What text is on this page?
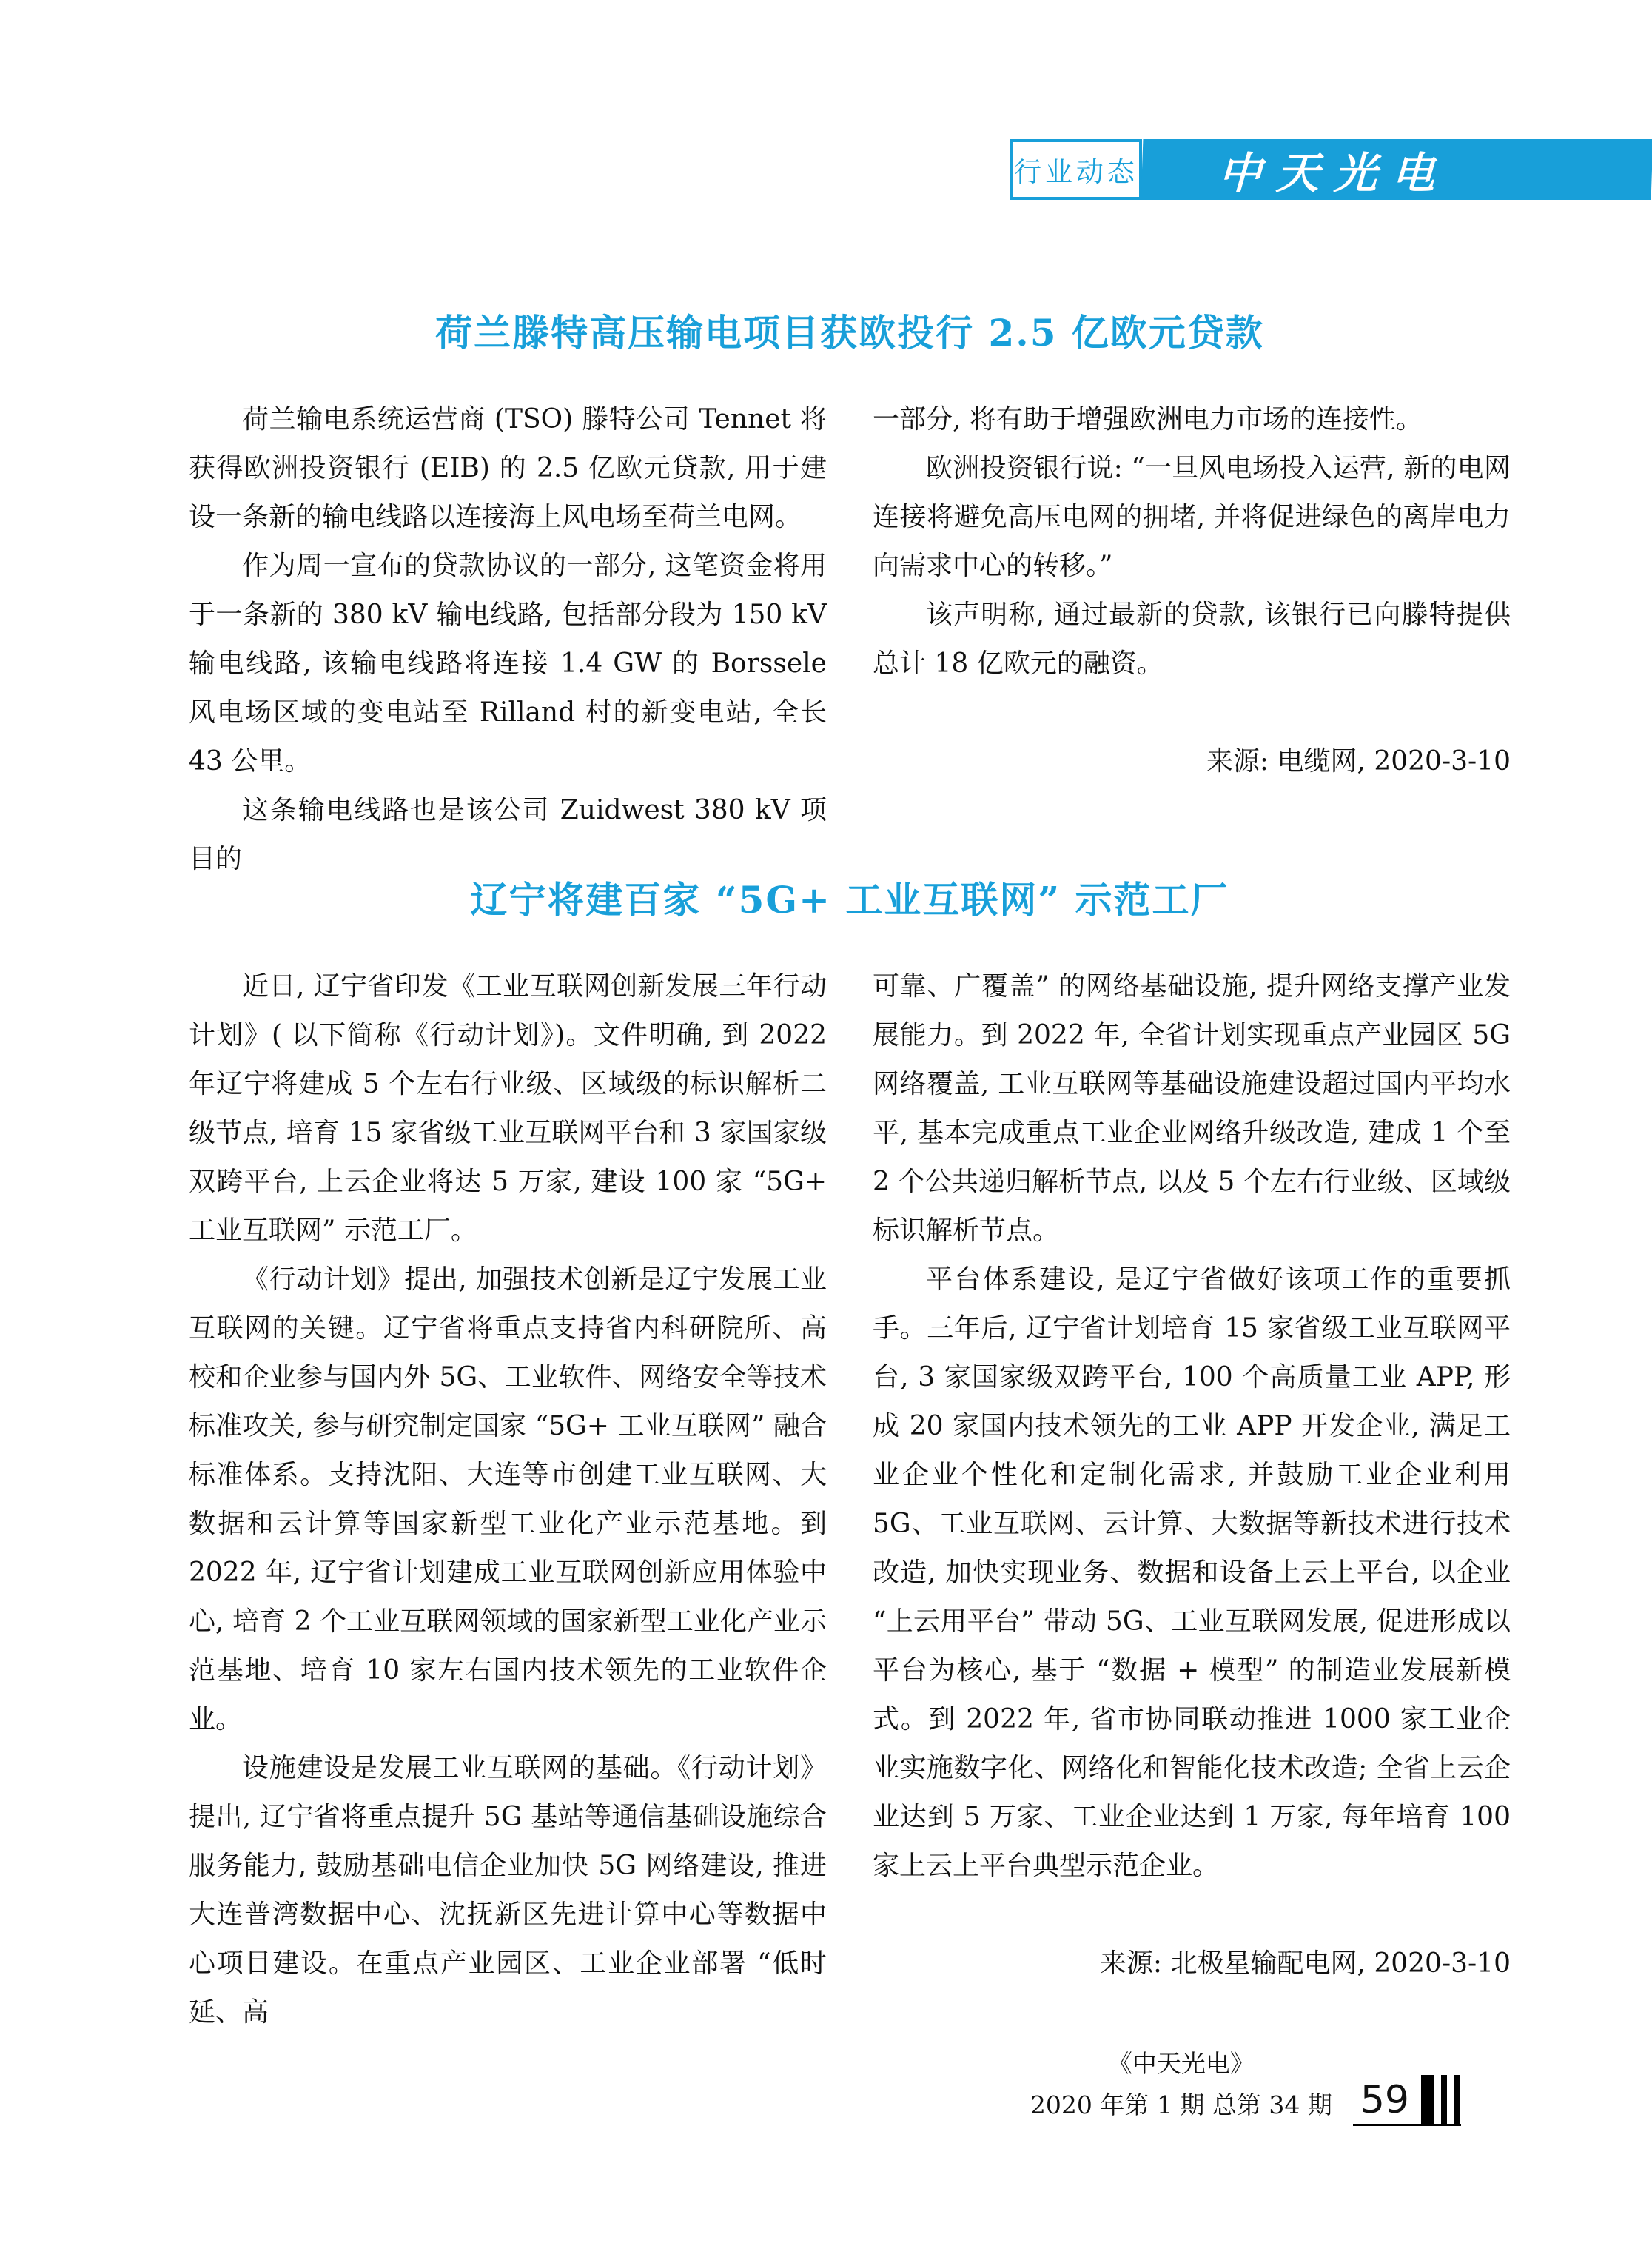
行业动态 中天光电
荷兰滕特高压输电项目获欧投行 2.5 亿欧元贷款

荷兰输电系统运营商 (TSO) 滕特公司 Tennet 将获得欧洲投资银行 (EIB) 的 2.5 亿欧元贷款, 用于建设一条新的输电线路以连接海上风电场至荷兰电网。

作为周一宣布的贷款协议的一部分, 这笔资金将用于一条新的 380 kV 输电线路, 包括部分段为 150 kV 输电线路, 该输电线路将连接 1.4 GW 的 Borssele 风电场区域的变电站至 Rilland 村的新变电站, 全长 43 公里。

这条输电线路也是该公司 Zuidwest 380 kV 项目的

一部分, 将有助于增强欧洲电力市场的连接性。

欧洲投资银行说: “一旦风电场投入运营, 新的电网连接将避免高压电网的拥堵, 并将促进绿色的离岸电力向需求中心的转移。”

该声明称, 通过最新的贷款, 该银行已向滕特提供总计 18 亿欧元的融资。

来源: 电缆网, 2020-3-10

辽宁将建百家 “5G+ 工业互联网” 示范工厂

近日, 辽宁省印发《工业互联网创新发展三年行动计划》( 以下简称《行动计划》)。文件明确, 到 2022 年辽宁将建成 5 个左右行业级、区域级的标识解析二级节点, 培育 15 家省级工业互联网平台和 3 家国家级双跨平台, 上云企业将达 5 万家, 建设 100 家 “5G+ 工业互联网” 示范工厂。

《行动计划》提出, 加强技术创新是辽宁发展工业互联网的关键。辽宁省将重点支持省内科研院所、高校和企业参与国内外 5G、工业软件、网络安全等技术标准攻关, 参与研究制定国家 “5G+ 工业互联网” 融合标准体系。支持沈阳、大连等市创建工业互联网、大数据和云计算等国家新型工业化产业示范基地。到 2022 年, 辽宁省计划建成工业互联网创新应用体验中心, 培育 2 个工业互联网领域的国家新型工业化产业示范基地、培育 10 家左右国内技术领先的工业软件企业。

设施建设是发展工业互联网的基础。《行动计划》提出, 辽宁省将重点提升 5G 基站等通信基础设施综合服务能力, 鼓励基础电信企业加快 5G 网络建设, 推进大连普湾数据中心、沈抚新区先进计算中心等数据中心项目建设。在重点产业园区、工业企业部署 “低时延、高

可靠、广覆盖” 的网络基础设施, 提升网络支撑产业发展能力。到 2022 年, 全省计划实现重点产业园区 5G 网络覆盖, 工业互联网等基础设施建设超过国内平均水平, 基本完成重点工业企业网络升级改造, 建成 1 个至 2 个公共递归解析节点, 以及 5 个左右行业级、区域级标识解析节点。

平台体系建设, 是辽宁省做好该项工作的重要抓手。三年后, 辽宁省计划培育 15 家省级工业互联网平台, 3 家国家级双跨平台, 100 个高质量工业 APP, 形成 20 家国内技术领先的工业 APP 开发企业, 满足工业企业个性化和定制化需求, 并鼓励工业企业利用 5G、工业互联网、云计算、大数据等新技术进行技术改造, 加快实现业务、数据和设备上云上平台, 以企业 “上云用平台” 带动 5G、工业互联网发展, 促进形成以平台为核心, 基于 “数据 + 模型” 的制造业发展新模式。到 2022 年, 省市协同联动推进 1000 家工业企业实施数字化、网络化和智能化技术改造; 全省上云企业达到 5 万家、工业企业达到 1 万家, 每年培育 100 家上云上平台典型示范企业。

来源: 北极星输配电网, 2020-3-10

《中天光电》
2020 年第 1 期 总第 34 期 59
